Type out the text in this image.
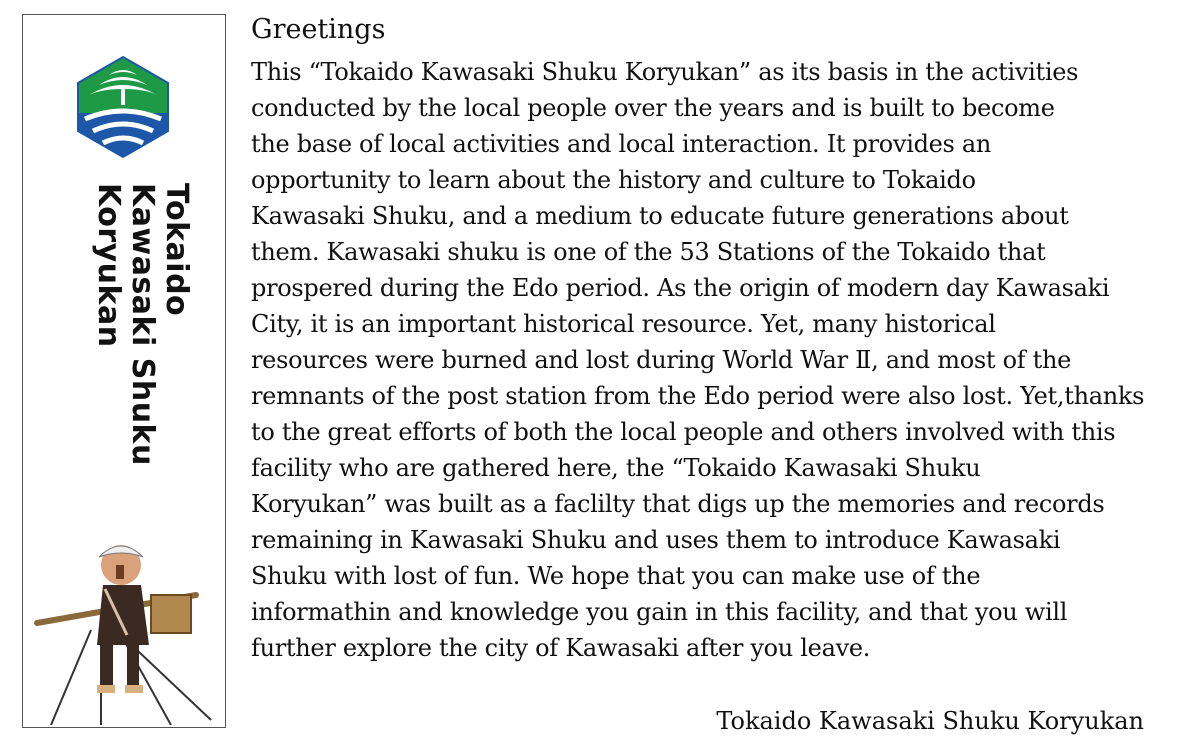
Tokaido
Kawasaki Shuku
Koryukan
Greetings
This “Tokaido Kawasaki Shuku Koryukan” as its basis in the activities
conducted by the local people over the years and is built to become
the base of local activities and local interaction. It provides an
opportunity to learn about the history and culture to Tokaido
Kawasaki Shuku, and a medium to educate future generations about
them. Kawasaki shuku is one of the 53 Stations of the Tokaido that
prospered during the Edo period. As the origin of modern day Kawasaki
City, it is an important historical resource. Yet, many historical
resources were burned and lost during World War Ⅱ, and most of the
remnants of the post station from the Edo period were also lost. Yet,thanks
to the great efforts of both the local people and others involved with this
facility who are gathered here, the “Tokaido Kawasaki Shuku
Koryukan” was built as a faclilty that digs up the memories and records
remaining in Kawasaki Shuku and uses them to introduce Kawasaki
Shuku with lost of fun. We hope that you can make use of the
informathin and knowledge you gain in this facility, and that you will
further explore the city of Kawasaki after you leave.
Tokaido Kawasaki Shuku Koryukan
